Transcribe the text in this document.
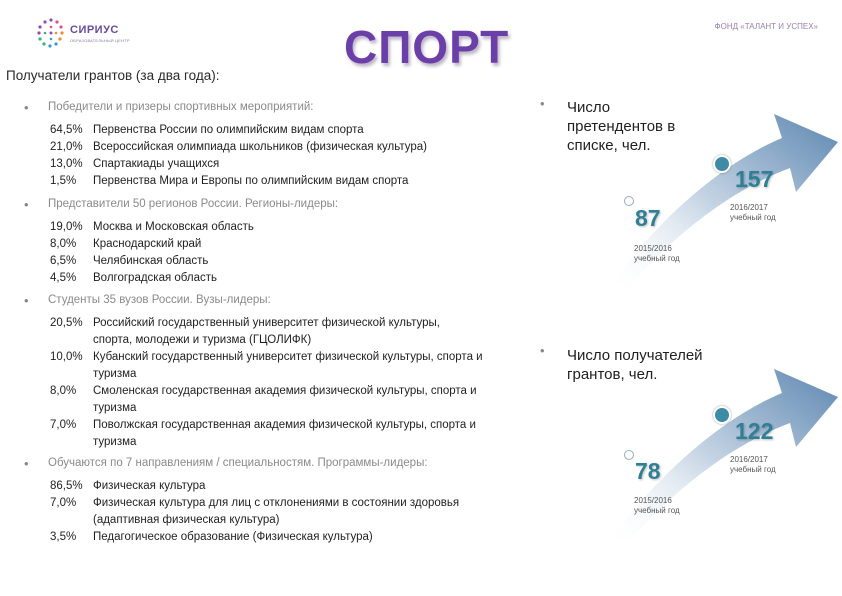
СИРИУС
ОБРАЗОВАТЕЛЬНЫЙ ЦЕНТР
ФОНД «ТАЛАНТ И УСПЕХ»
СПОРТ
Получатели грантов (за два года):
• Победители и призеры спортивных мероприятий:
64,5% Первенства России по олимпийским видам спорта
21,0% Всероссийская олимпиада школьников (физическая культура)
13,0% Спартакиады учащихся
1,5%	Первенства Мира и Европы по олимпийским видам спорта
• Представители 50 регионов России. Регионы-лидеры:
19,0% Москва и Московская область
8,0%	Краснодарский край
6,5%	Челябинская область
4,5%	Волгоградская область
• Студенты 35 вузов России. Вузы-лидеры:
20,5% Российский государственный университет физической культуры, спорта, молодежи и туризма (ГЦОЛИФК)
10,0% Кубанский государственный университет физической культуры, спорта и туризма
8,0%	Смоленская государственная академия физической культуры, спорта и туризма
7,0%	Поволжская государственная академия физической культуры, спорта и туризма
• Обучаются по 7 направлениям / специальностям. Программы-лидеры:
86,5% Физическая культура
7,0%	Физическая культура для лиц с отклонениями в состоянии здоровья (адаптивная физическая культура)
3,5%	Педагогическое образование (Физическая культура)
• Число претендентов в списке, чел.
157
2016/2017
учебный год
87
2015/2016
учебный год
• Число получателей грантов, чел.
122
2016/2017
учебный год
78
2015/2016
учебный год
